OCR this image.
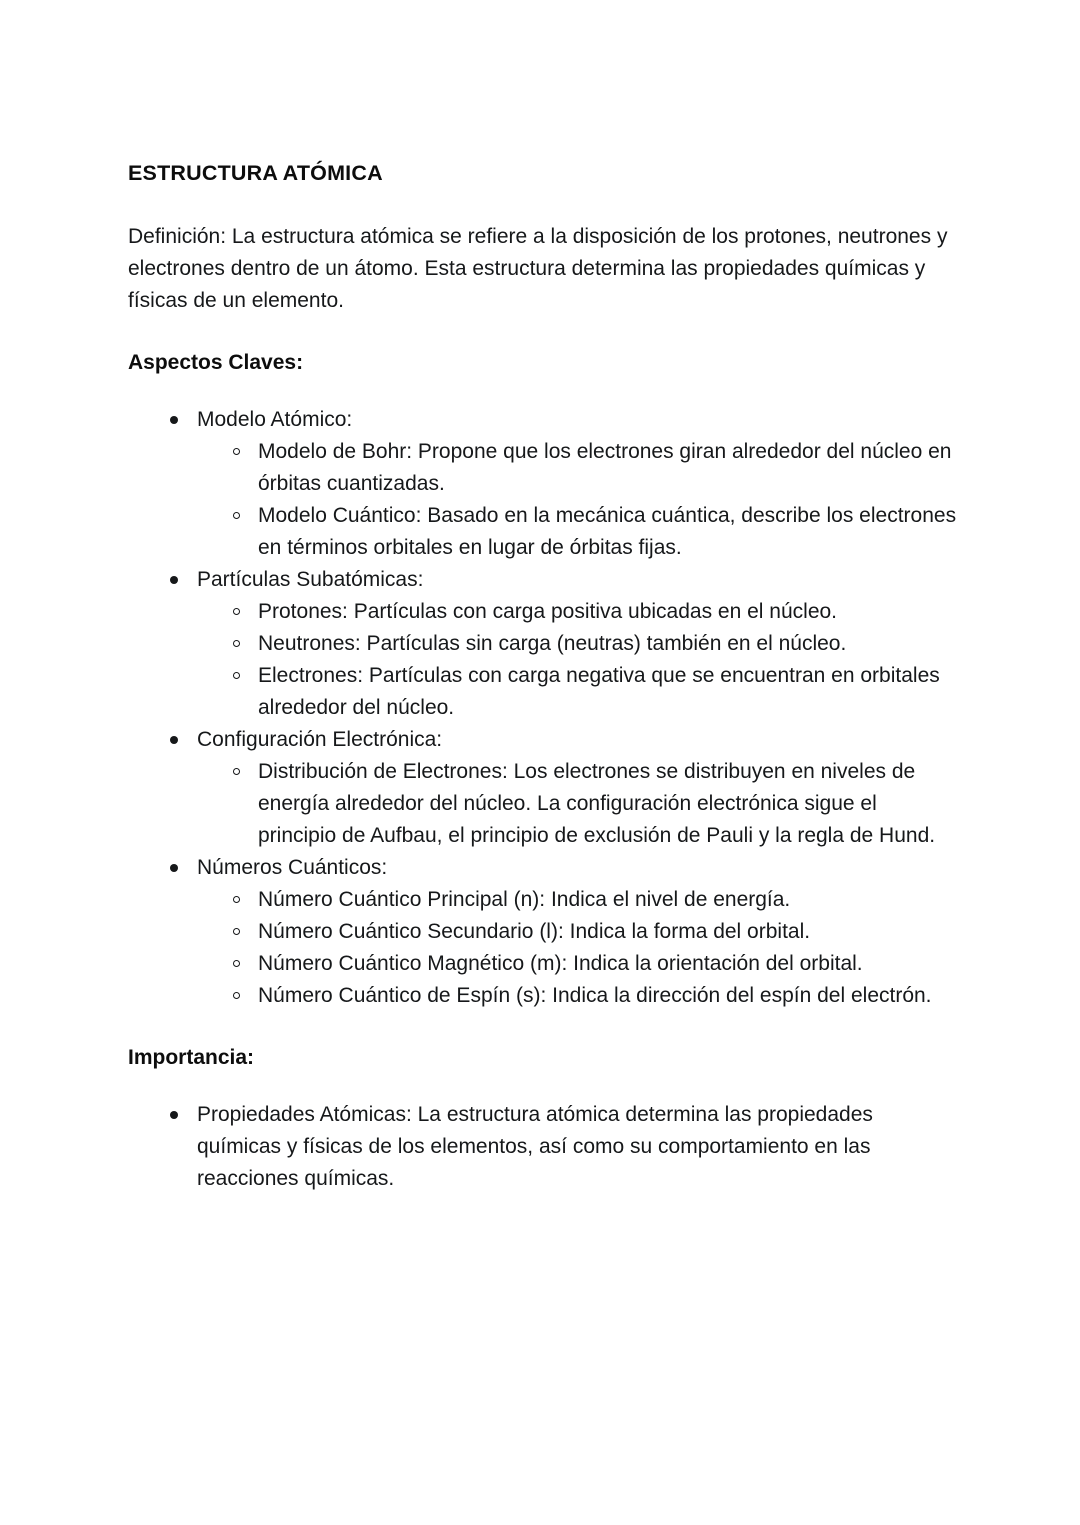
ESTRUCTURA ATÓMICA

Definición: La estructura atómica se refiere a la disposición de los protones, neutrones y electrones dentro de un átomo. Esta estructura determina las propiedades químicas y físicas de un elemento.

Aspectos Claves:
Modelo Atómico:
Modelo de Bohr: Propone que los electrones giran alrededor del núcleo en órbitas cuantizadas.
Modelo Cuántico: Basado en la mecánica cuántica, describe los electrones en términos orbitales en lugar de órbitas fijas.
Partículas Subatómicas:
Protones: Partículas con carga positiva ubicadas en el núcleo.
Neutrones: Partículas sin carga (neutras) también en el núcleo.
Electrones: Partículas con carga negativa que se encuentran en orbitales alrededor del núcleo.
Configuración Electrónica:
Distribución de Electrones: Los electrones se distribuyen en niveles de energía alrededor del núcleo. La configuración electrónica sigue el principio de Aufbau, el principio de exclusión de Pauli y la regla de Hund.
Números Cuánticos:
Número Cuántico Principal (n): Indica el nivel de energía.
Número Cuántico Secundario (l): Indica la forma del orbital.
Número Cuántico Magnético (m): Indica la orientación del orbital.
Número Cuántico de Espín (s): Indica la dirección del espín del electrón.
Importancia:
Propiedades Atómicas: La estructura atómica determina las propiedades químicas y físicas de los elementos, así como su comportamiento en las reacciones químicas.
